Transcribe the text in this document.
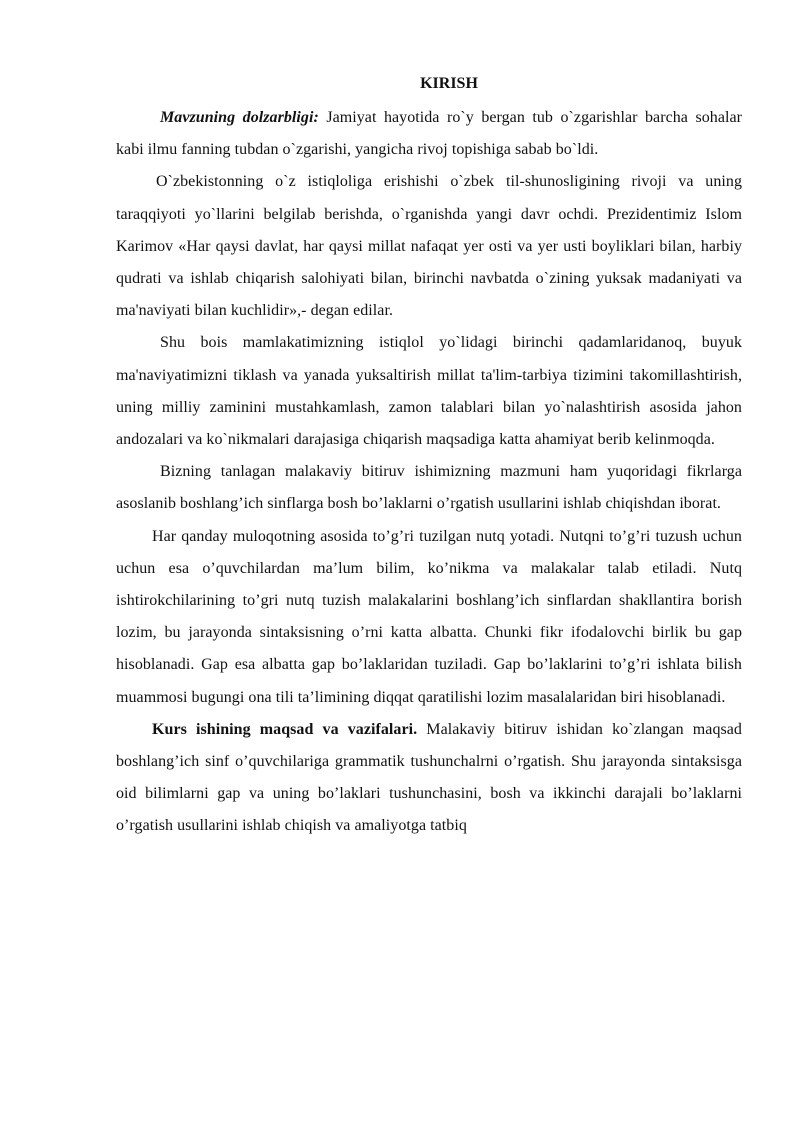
KIRISH

Mavzuning dolzarbligi: Jamiyat hayotida ro`y bergan tub o`zgarishlar barcha sohalar kabi ilmu fanning tubdan o`zgarishi, yangicha rivoj topishiga sabab bo`ldi.

O`zbekistonning o`z istiqloliga erishishi o`zbek til-shunosligining rivoji va uning taraqqiyoti yo`llarini belgilab berishda, o`rganishda yangi davr ochdi. Prezidentimiz Islom Karimov «Har qaysi davlat, har qaysi millat nafaqat yer osti va yer usti boyliklari bilan, harbiy qudrati va ishlab chiqarish salohiyati bilan, birinchi navbatda o`zining yuksak madaniyati va ma'naviyati bilan kuchlidir»,- degan edilar.

Shu bois mamlakatimizning istiqlol yo`lidagi birinchi qadamlaridanoq, buyuk ma'naviyatimizni tiklash va yanada yuksaltirish millat ta'lim-tarbiya tizimini takomillashtirish, uning milliy zaminini mustahkamlash, zamon talablari bilan yo`nalashtirish asosida jahon andozalari va ko`nikmalari darajasiga chiqarish maqsadiga katta ahamiyat berib kelinmoqda.

Bizning tanlagan malakaviy bitiruv ishimizning mazmuni ham yuqoridagi fikrlarga asoslanib boshlang’ich sinflarga bosh bo’laklarni o’rgatish usullarini ishlab chiqishdan iborat.

Har qanday muloqotning asosida to’g’ri tuzilgan nutq yotadi. Nutqni to’g’ri tuzush uchun uchun esa o’quvchilardan ma’lum bilim, ko’nikma va malakalar talab etiladi. Nutq ishtirokchilarining to’gri nutq tuzish malakalarini boshlang’ich sinflardan shakllantira borish lozim, bu jarayonda sintaksisning o’rni katta albatta. Chunki fikr ifodalovchi birlik bu gap hisoblanadi. Gap esa albatta gap bo’laklaridan tuziladi. Gap bo’laklarini to’g’ri ishlata bilish muammosi bugungi ona tili ta’limining diqqat qaratilishi lozim masalalaridan biri hisoblanadi.

Kurs ishining maqsad va vazifalari. Malakaviy bitiruv ishidan ko`zlangan maqsad boshlang’ich sinf o’quvchilariga grammatik tushunchalrni o’rgatish. Shu jarayonda sintaksisga oid bilimlarni gap va uning bo’laklari tushunchasini, bosh va ikkinchi darajali bo’laklarni o’rgatish usullarini ishlab chiqish va amaliyotga tatbiq
